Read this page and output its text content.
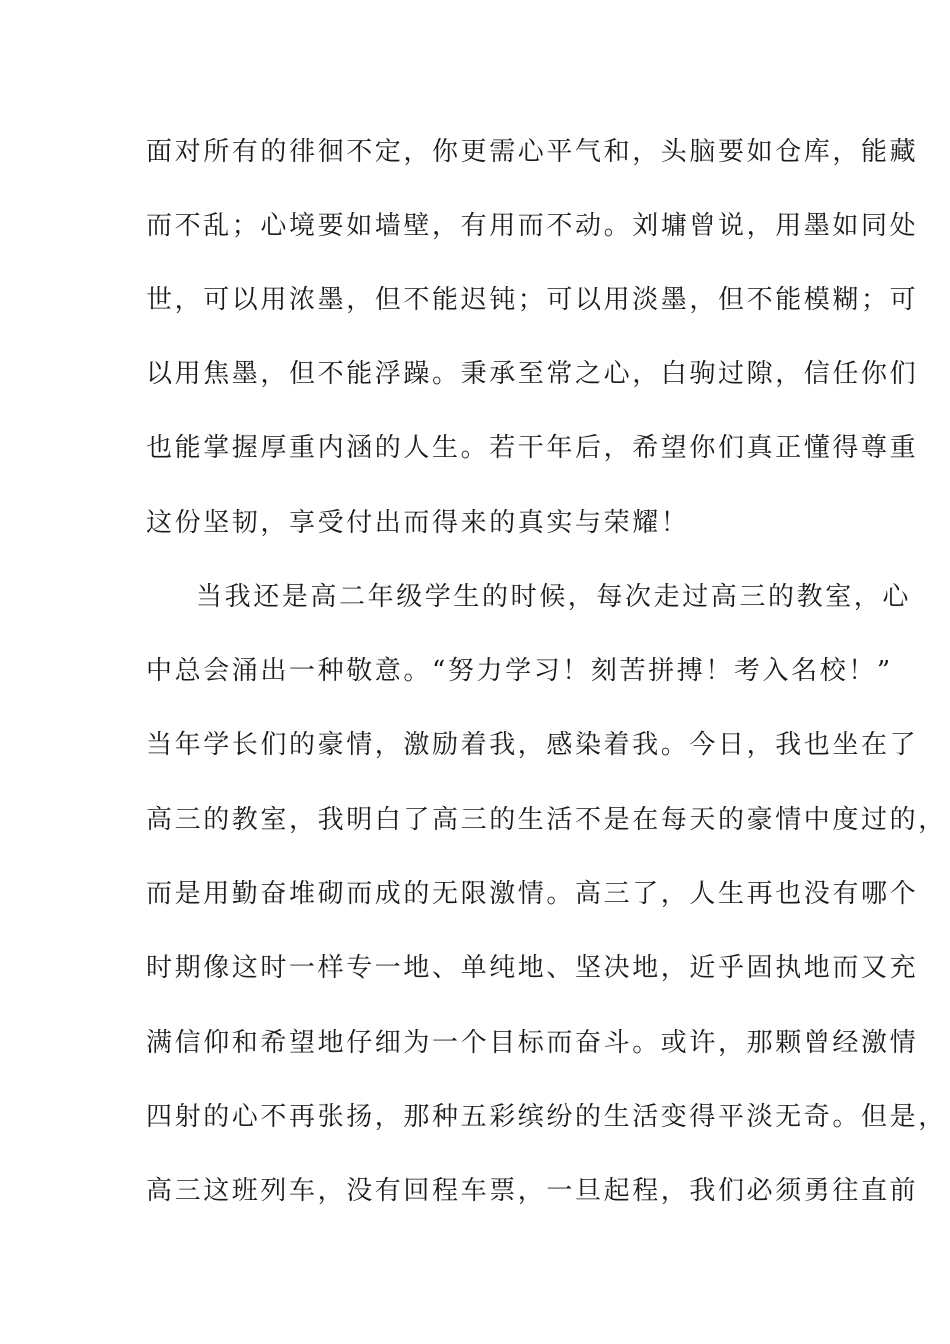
面对所有的徘徊不定，你更需心平气和，头脑要如仓库，能藏
而不乱；心境要如墙壁，有用而不动。刘墉曾说，用墨如同处
世，可以用浓墨，但不能迟钝；可以用淡墨，但不能模糊；可
以用焦墨，但不能浮躁。秉承至常之心，白驹过隙，信任你们
也能掌握厚重内涵的人生。若干年后，希望你们真正懂得尊重
这份坚韧，享受付出而得来的真实与荣耀！
当我还是高二年级学生的时候，每次走过高三的教室，心
中总会涌出一种敬意。“努力学习！刻苦拼搏！考入名校！”
当年学长们的豪情，激励着我，感染着我。今日，我也坐在了
高三的教室，我明白了高三的生活不是在每天的豪情中度过的，
而是用勤奋堆砌而成的无限激情。高三了，人生再也没有哪个
时期像这时一样专一地、单纯地、坚决地，近乎固执地而又充
满信仰和希望地仔细为一个目标而奋斗。或许，那颗曾经激情
四射的心不再张扬，那种五彩缤纷的生活变得平淡无奇。但是，
高三这班列车，没有回程车票，一旦起程，我们必须勇往直前
